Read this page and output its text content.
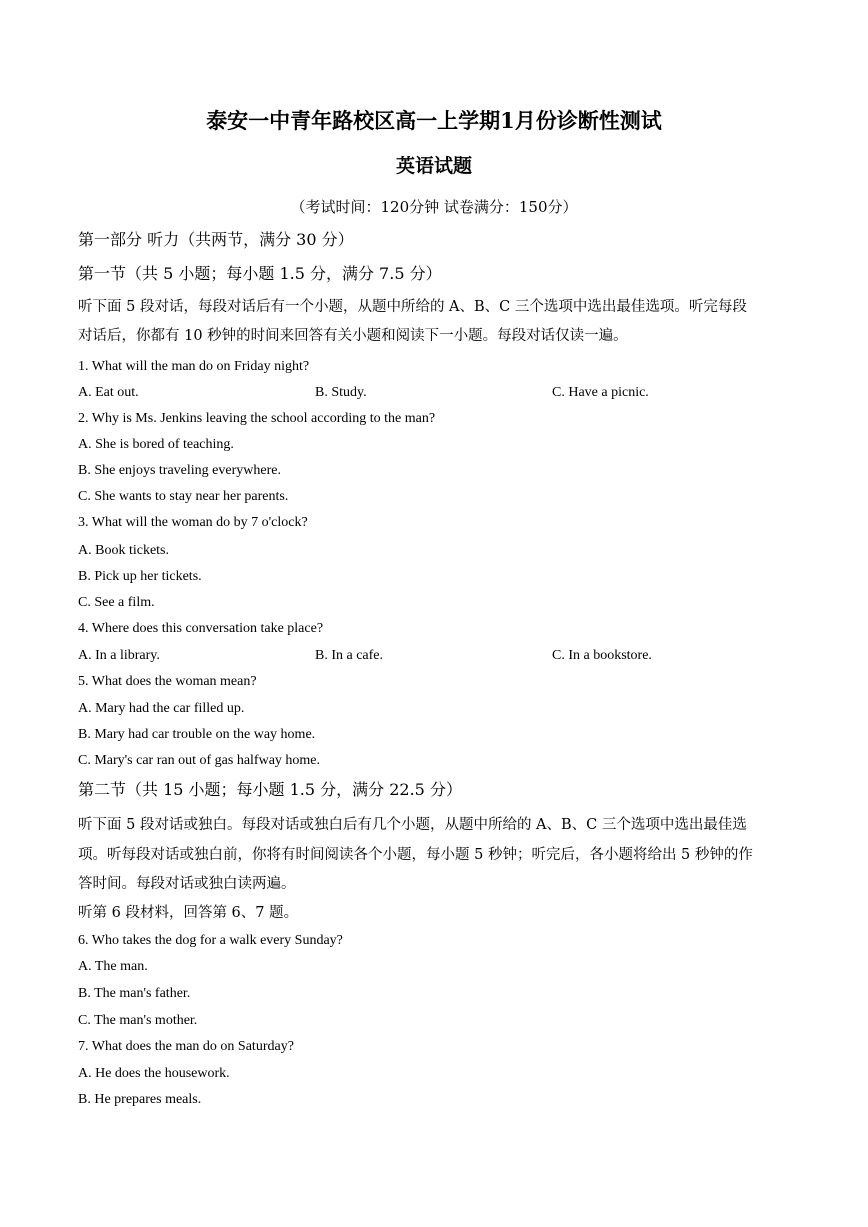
泰安一中青年路校区高一上学期1月份诊断性测试
英语试题
（考试时间：120分钟 试卷满分：150分）
第一部分 听力（共两节，满分 30 分）
第一节（共 5 小题；每小题 1.5 分，满分 7.5 分）
听下面 5 段对话，每段对话后有一个小题，从题中所给的 A、B、C 三个选项中选出最佳选项。听完每段
对话后，你都有 10 秒钟的时间来回答有关小题和阅读下一小题。每段对话仅读一遍。
1. What will the man do on Friday night?
A. Eat out.	B. Study.	C. Have a picnic.
2. Why is Ms. Jenkins leaving the school according to the man?
A. She is bored of teaching.
B. She enjoys traveling everywhere.
C. She wants to stay near her parents.
3. What will the woman do by 7 o'clock?
A. Book tickets.
B. Pick up her tickets.
C. See a film.
4. Where does this conversation take place?
A. In a library.	B. In a cafe.	C. In a bookstore.
5. What does the woman mean?
A. Mary had the car filled up.
B. Mary had car trouble on the way home.
C. Mary's car ran out of gas halfway home.
第二节（共 15 小题；每小题 1.5 分，满分 22.5 分）
听下面 5 段对话或独白。每段对话或独白后有几个小题，从题中所给的 A、B、C 三个选项中选出最佳选
项。听每段对话或独白前，你将有时间阅读各个小题，每小题 5 秒钟；听完后，各小题将给出 5 秒钟的作
答时间。每段对话或独白读两遍。
听第 6 段材料，回答第 6、7 题。
6. Who takes the dog for a walk every Sunday?
A. The man.
B. The man's father.
C. The man's mother.
7. What does the man do on Saturday?
A. He does the housework.
B. He prepares meals.
